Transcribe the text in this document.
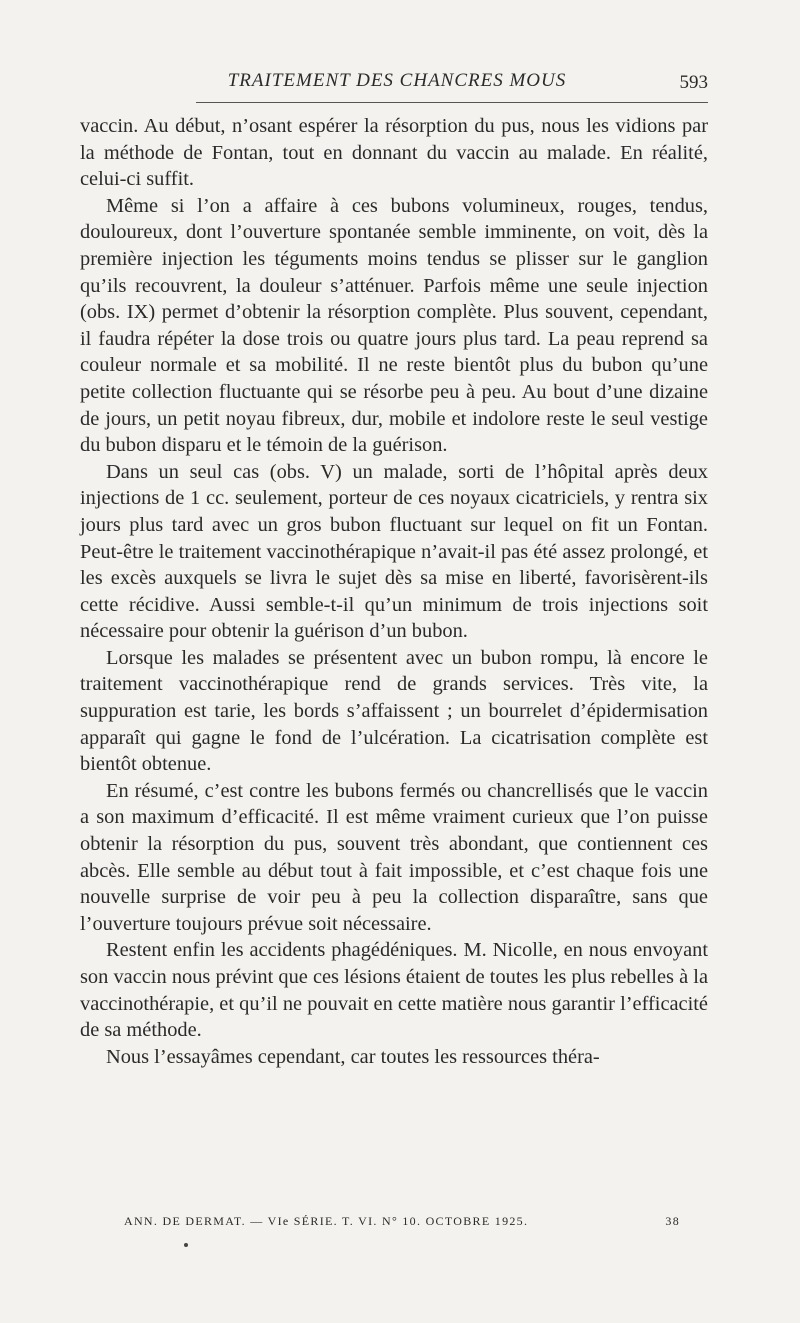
TRAITEMENT DES CHANCRES MOUS	593

vaccin. Au début, n’osant espérer la résorption du pus, nous les vidions par la méthode de Fontan, tout en donnant du vaccin au malade. En réalité, celui-ci suffit.

Même si l’on a affaire à ces bubons volumineux, rouges, tendus, douloureux, dont l’ouverture spontanée semble imminente, on voit, dès la première injection les téguments moins tendus se plisser sur le ganglion qu’ils recouvrent, la douleur s’atténuer. Parfois même une seule injection (obs. IX) permet d’obtenir la résorption complète. Plus souvent, cependant, il faudra répéter la dose trois ou quatre jours plus tard. La peau reprend sa couleur normale et sa mobilité. Il ne reste bientôt plus du bubon qu’une petite collection fluctuante qui se résorbe peu à peu. Au bout d’une dizaine de jours, un petit noyau fibreux, dur, mobile et indolore reste le seul vestige du bubon disparu et le témoin de la guérison.

Dans un seul cas (obs. V) un malade, sorti de l’hôpital après deux injections de 1 cc. seulement, porteur de ces noyaux cicatriciels, y rentra six jours plus tard avec un gros bubon fluctuant sur lequel on fit un Fontan. Peut-être le traitement vaccinothérapique n’avait-il pas été assez prolongé, et les excès auxquels se livra le sujet dès sa mise en liberté, favorisèrent-ils cette récidive. Aussi semble-t-il qu’un minimum de trois injections soit nécessaire pour obtenir la guérison d’un bubon.

Lorsque les malades se présentent avec un bubon rompu, là encore le traitement vaccinothérapique rend de grands services. Très vite, la suppuration est tarie, les bords s’affaissent ; un bourrelet d’épidermisation apparaît qui gagne le fond de l’ulcération. La cicatrisation complète est bientôt obtenue.

En résumé, c’est contre les bubons fermés ou chancrellisés que le vaccin a son maximum d’efficacité. Il est même vraiment curieux que l’on puisse obtenir la résorption du pus, souvent très abondant, que contiennent ces abcès. Elle semble au début tout à fait impossible, et c’est chaque fois une nouvelle surprise de voir peu à peu la collection disparaître, sans que l’ouverture toujours prévue soit nécessaire.

Restent enfin les accidents phagédéniques. M. Nicolle, en nous envoyant son vaccin nous prévint que ces lésions étaient de toutes les plus rebelles à la vaccinothérapie, et qu’il ne pouvait en cette matière nous garantir l’efficacité de sa méthode.

Nous l’essayâmes cependant, car toutes les ressources théra-

ANN. DE DERMAT. — VIe SÉRIE. T. VI. N° 10. OCTOBRE 1925.	38
